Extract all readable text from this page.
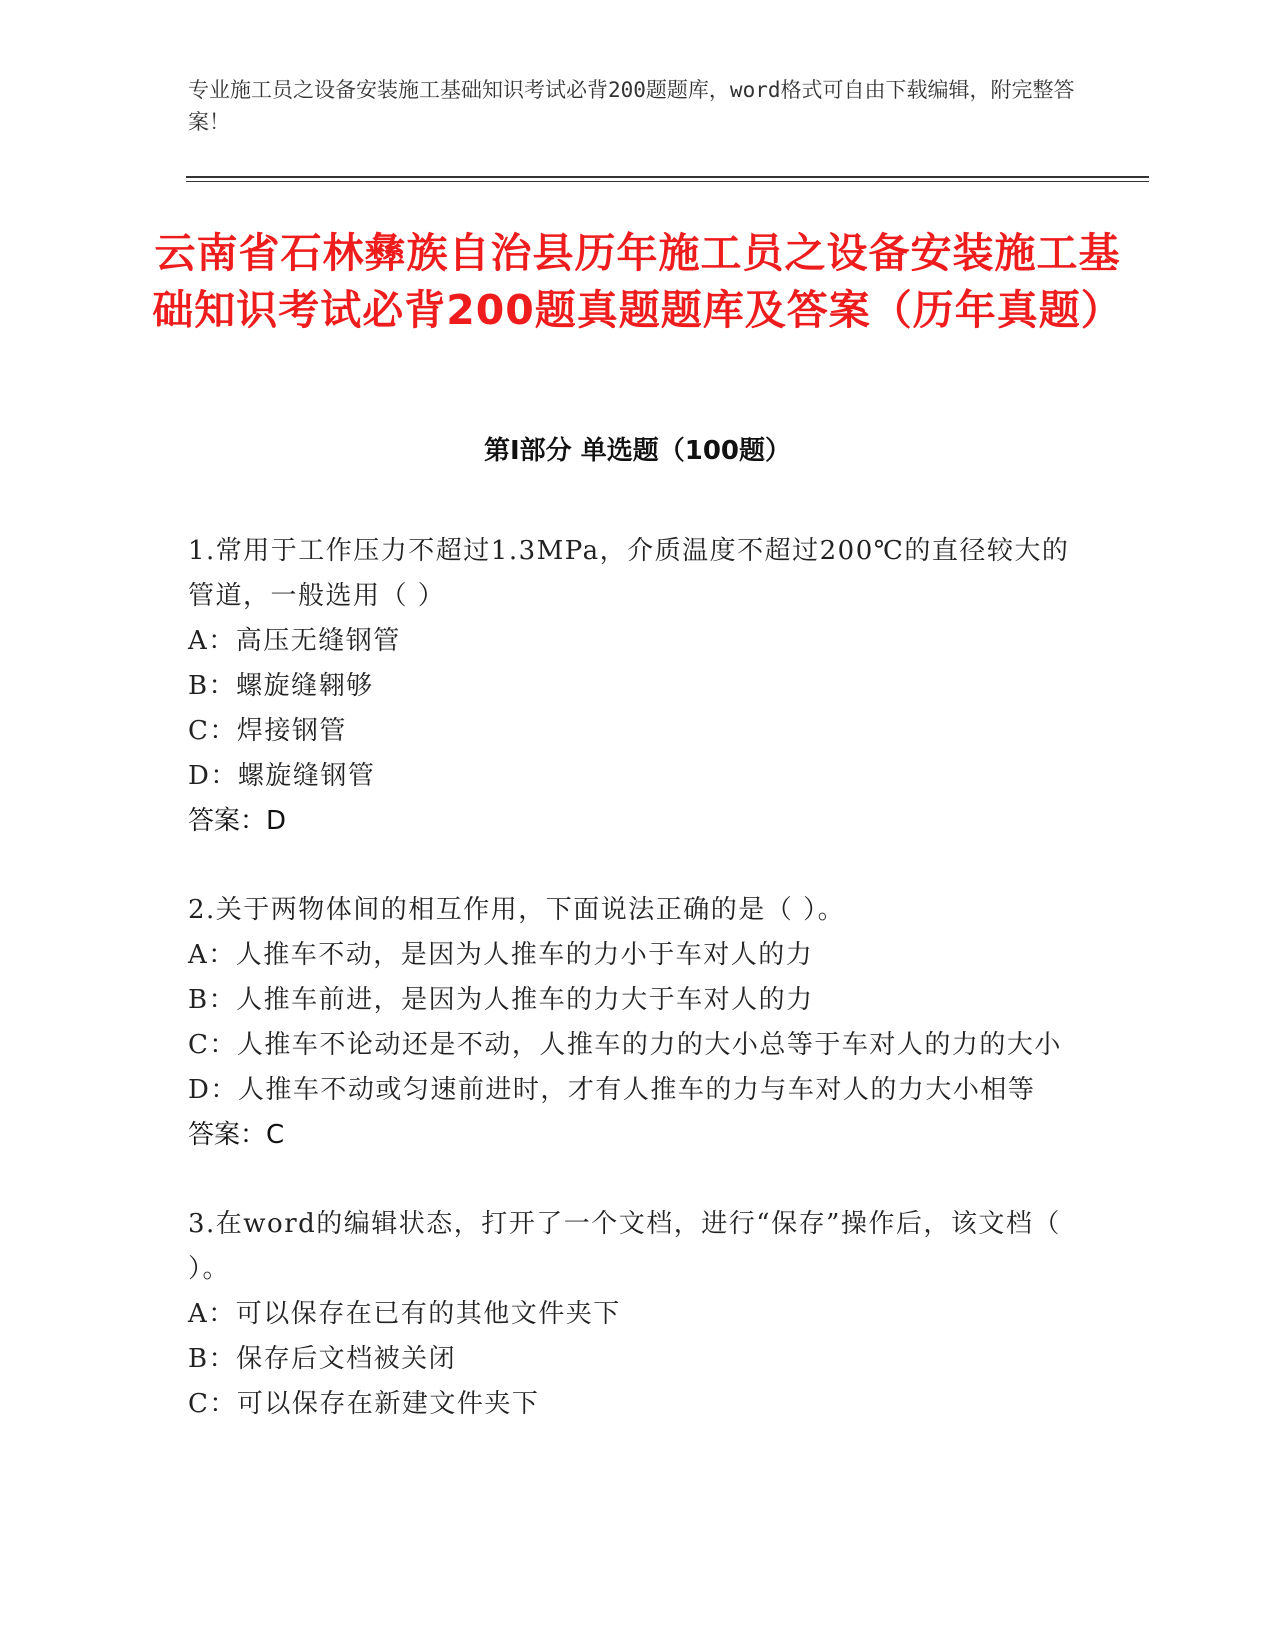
专业施工员之设备安装施工基础知识考试必背200题题库，word格式可自由下载编辑，附完整答案！
云南省石林彝族自治县历年施工员之设备安装施工基础知识考试必背200题真题题库及答案（历年真题）
第Ⅰ部分 单选题（100题）
1.常用于工作压力不超过1.3MPa，介质温度不超过200℃的直径较大的管道，一般选用（ ）
A：高压无缝钢管
B：螺旋缝翱够
C：焊接钢管
D：螺旋缝钢管
答案：D
2.关于两物体间的相互作用，下面说法正确的是（ ）。
A：人推车不动，是因为人推车的力小于车对人的力
B：人推车前进，是因为人推车的力大于车对人的力
C：人推车不论动还是不动，人推车的力的大小总等于车对人的力的大小
D：人推车不动或匀速前进时，才有人推车的力与车对人的力大小相等
答案：C
3.在word的编辑状态，打开了一个文档，进行“保存”操作后，该文档（ ）。
A：可以保存在已有的其他文件夹下
B：保存后文档被关闭
C：可以保存在新建文件夹下
